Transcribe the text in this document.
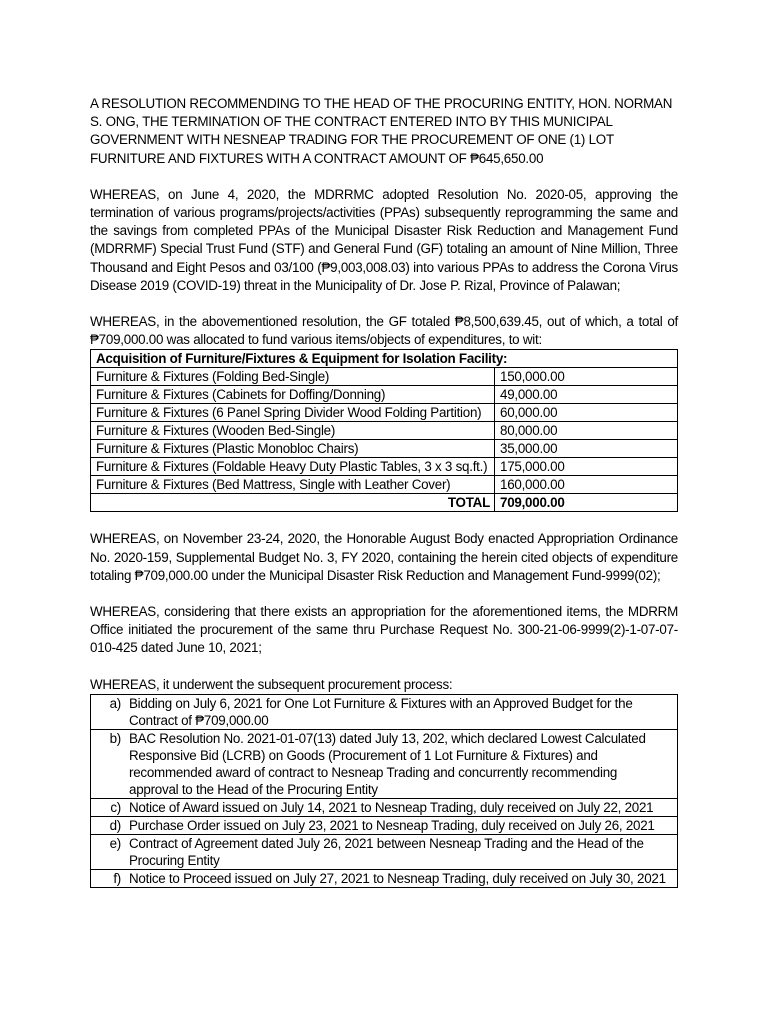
A RESOLUTION RECOMMENDING TO THE HEAD OF THE PROCURING ENTITY, HON. NORMAN S. ONG, THE TERMINATION OF THE CONTRACT ENTERED INTO BY THIS MUNICIPAL GOVERNMENT WITH NESNEAP TRADING FOR THE PROCUREMENT OF ONE (1) LOT FURNITURE AND FIXTURES WITH A CONTRACT AMOUNT OF ₱645,650.00
WHEREAS, on June 4, 2020, the MDRRMC adopted Resolution No. 2020-05, approving the termination of various programs/projects/activities (PPAs) subsequently reprogramming the same and the savings from completed PPAs of the Municipal Disaster Risk Reduction and Management Fund (MDRRMF) Special Trust Fund (STF) and General Fund (GF) totaling an amount of Nine Million, Three Thousand and Eight Pesos and 03/100 (₱9,003,008.03) into various PPAs to address the Corona Virus Disease 2019 (COVID-19) threat in the Municipality of Dr. Jose P. Rizal, Province of Palawan;
WHEREAS, in the abovementioned resolution, the GF totaled ₱8,500,639.45, out of which, a total of ₱709,000.00 was allocated to fund various items/objects of expenditures, to wit:
Acquisition of Furniture/Fixtures & Equipment for Isolation Facility:	
Furniture & Fixtures (Folding Bed-Single)	150,000.00
Furniture & Fixtures (Cabinets for Doffing/Donning)	49,000.00
Furniture & Fixtures (6 Panel Spring Divider Wood Folding Partition)	60,000.00
Furniture & Fixtures (Wooden Bed-Single)	80,000.00
Furniture & Fixtures (Plastic Monobloc Chairs)	35,000.00
Furniture & Fixtures (Foldable Heavy Duty Plastic Tables, 3 x 3 sq.ft.)	175,000.00
Furniture & Fixtures (Bed Mattress, Single with Leather Cover)	160,000.00
TOTAL	709,000.00
WHEREAS, on November 23-24, 2020, the Honorable August Body enacted Appropriation Ordinance No. 2020-159, Supplemental Budget No. 3, FY 2020, containing the herein cited objects of expenditure totaling ₱709,000.00 under the Municipal Disaster Risk Reduction and Management Fund-9999(02);
WHEREAS, considering that there exists an appropriation for the aforementioned items, the MDRRM Office initiated the procurement of the same thru Purchase Request No. 300-21-06-9999(2)-1-07-07-010-425 dated June 10, 2021;
WHEREAS, it underwent the subsequent procurement process:
a)	Bidding on July 6, 2021 for One Lot Furniture & Fixtures with an Approved Budget for the Contract of ₱709,000.00
b)	BAC Resolution No. 2021-01-07(13) dated July 13, 202, which declared Lowest Calculated Responsive Bid (LCRB) on Goods (Procurement of 1 Lot Furniture & Fixtures) and recommended award of contract to Nesneap Trading and concurrently recommending approval to the Head of the Procuring Entity
c)	Notice of Award issued on July 14, 2021 to Nesneap Trading, duly received on July 22, 2021
d)	Purchase Order issued on July 23, 2021 to Nesneap Trading, duly received on July 26, 2021
e)	Contract of Agreement dated July 26, 2021 between Nesneap Trading and the Head of the Procuring Entity
f)	Notice to Proceed issued on July 27, 2021 to Nesneap Trading, duly received on July 30, 2021
